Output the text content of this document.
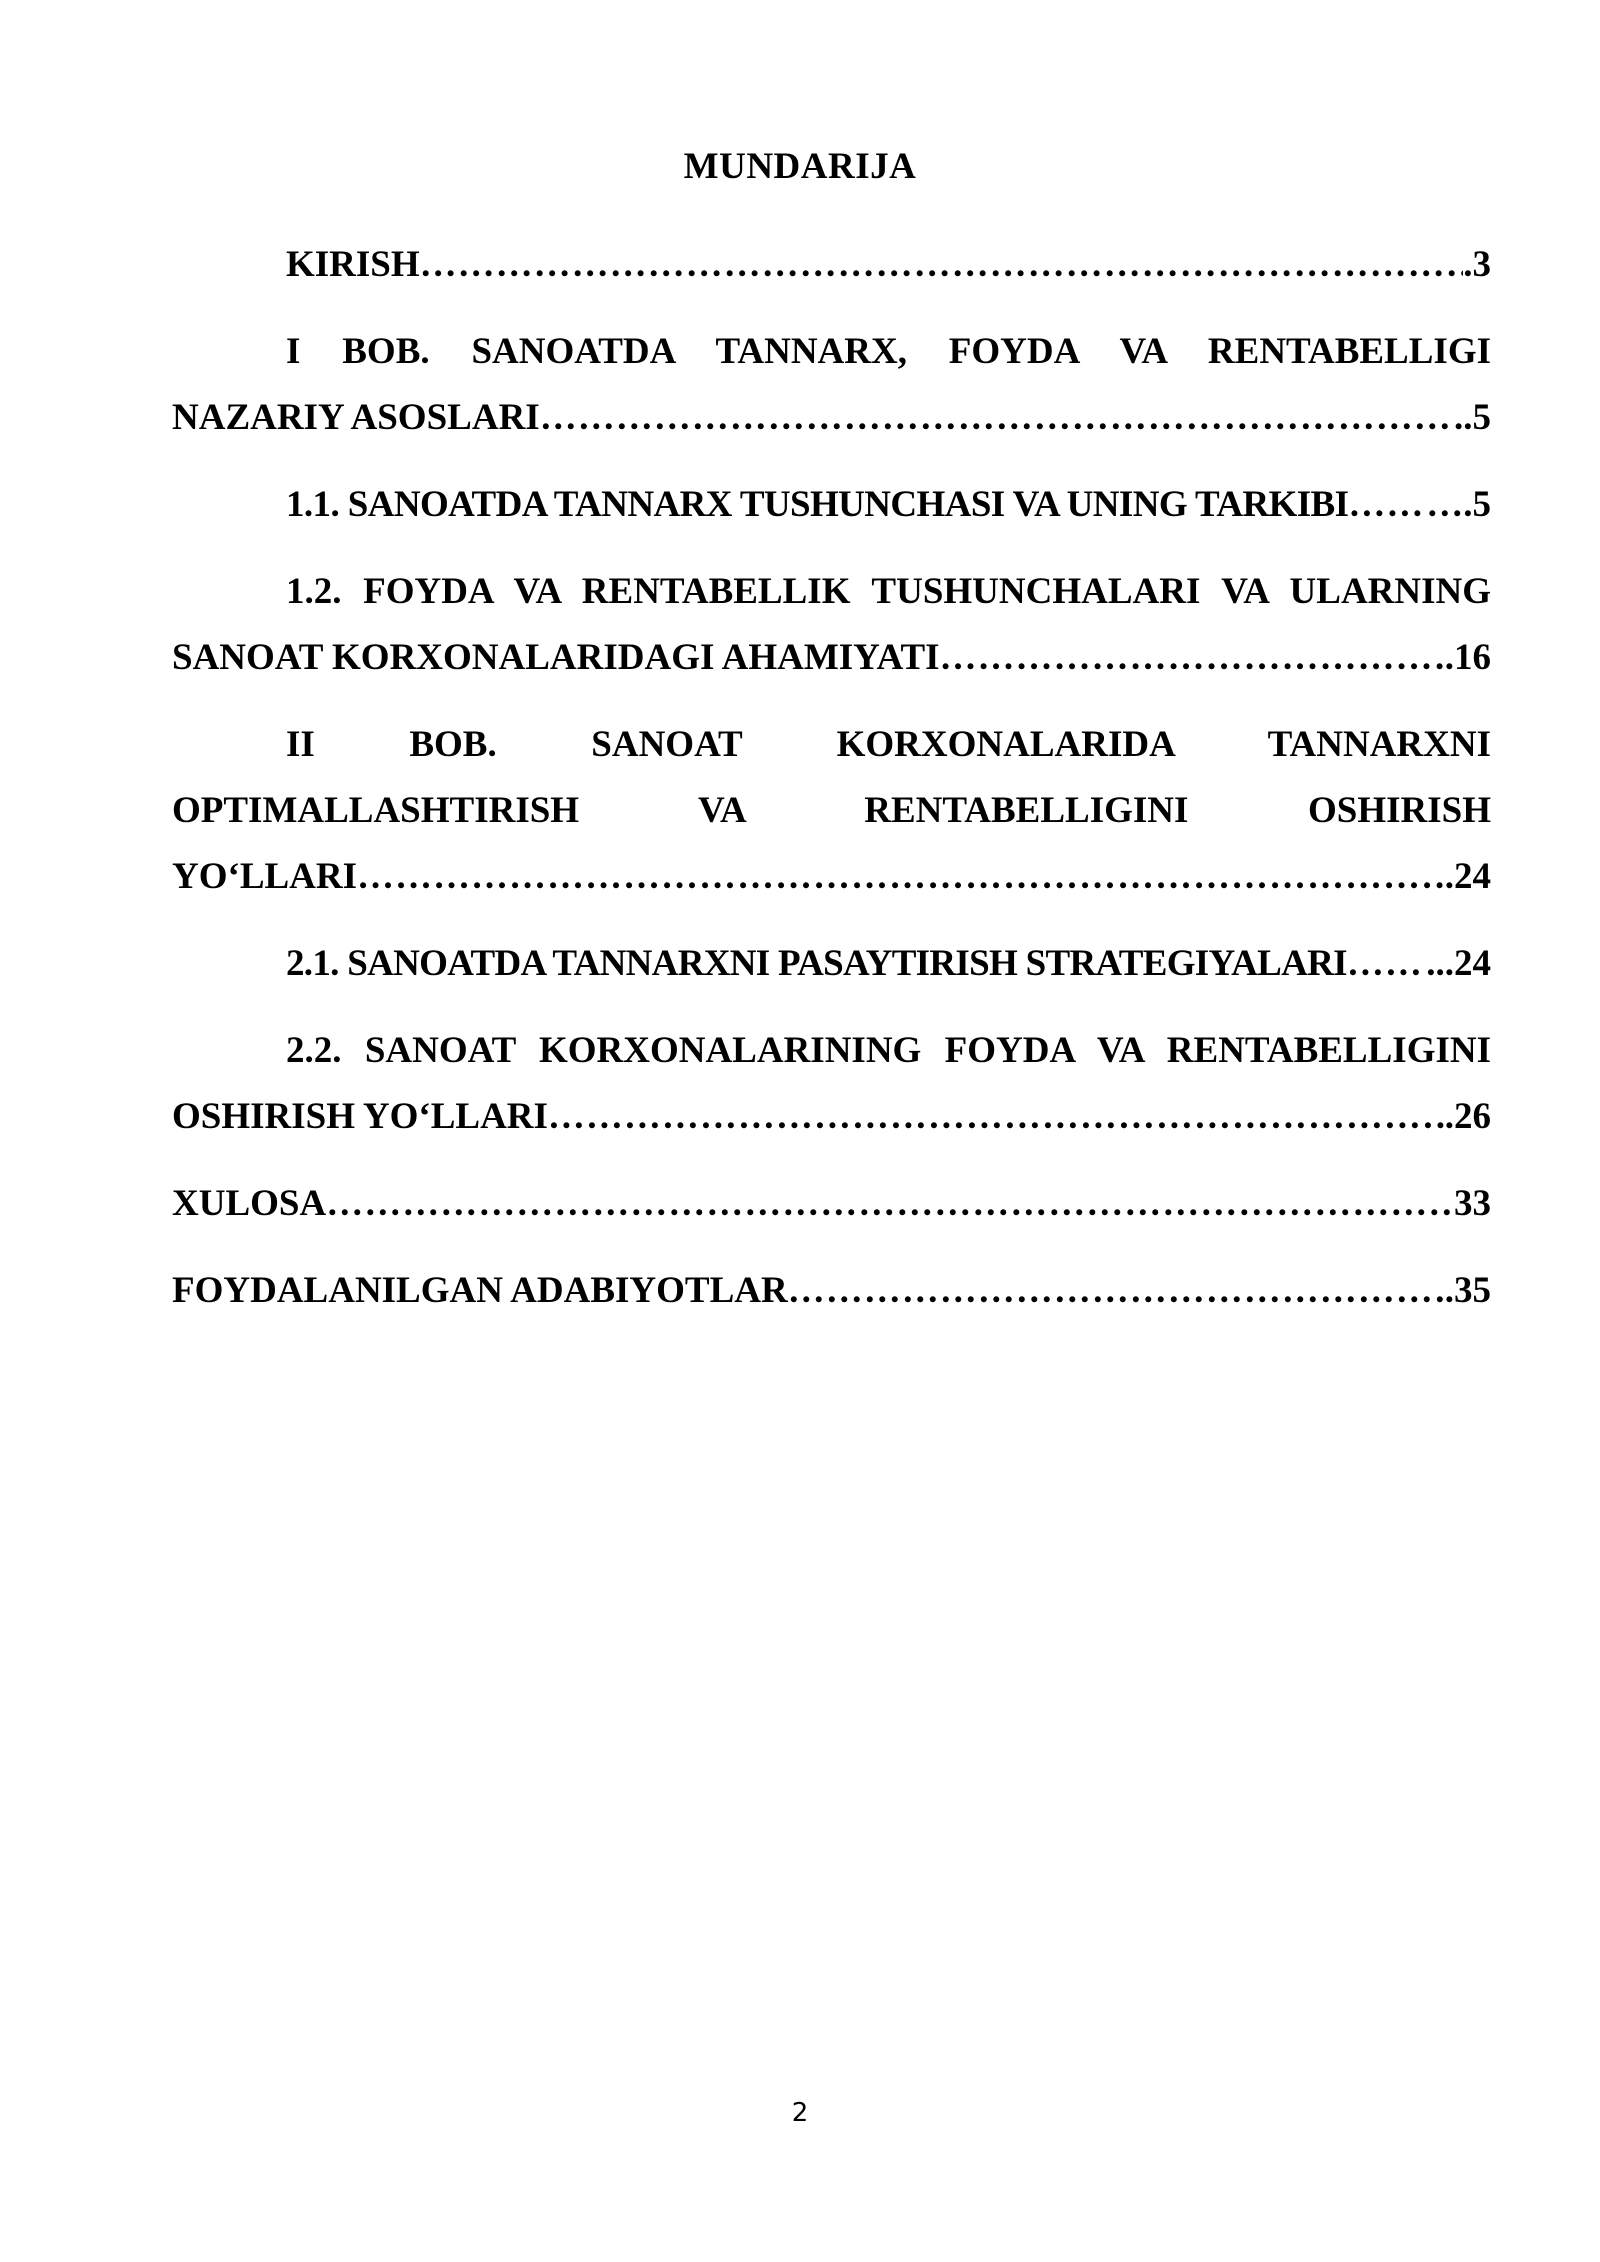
MUNDARIJA
KIRISH ……………………………………………………………………………………………………………………………………………………………………………………………………………………	.3
I BOB. SANOATDA TANNARX, FOYDA VA RENTABELLIGI
NAZARIY ASOSLARI ……………………………………………………………………………………………………………………………………………………………………………………………………………………	..5
1.1. SANOATDA TANNARX TUSHUNCHASI VA UNING TARKIBI …………………………………………………………………………………………………………………………………………………………………………………………………………………… ….5
1.2. FOYDA VA RENTABELLIK TUSHUNCHALARI VA ULARNING
SANOAT KORXONALARIDAGI AHAMIYATI ……………………………………………………………………………………………………………………………………………………………………………………………………………………	.16
II BOB. SANOAT KORXONALARIDA TANNARXNI
OPTIMALLASHTIRISH VA RENTABELLIGINI OSHIRISH
YO‘LLARI ……………………………………………………………………………………………………………………………………………………………………………………………………………………	.24
2.1. SANOATDA TANNARXNI PASAYTIRISH STRATEGIYALARI …………………………………………………………………………………………………………………………………………………………………………………………………………………… ...24
2.2. SANOAT KORXONALARINING FOYDA VA RENTABELLIGINI
OSHIRISH YO‘LLARI ……………………………………………………………………………………………………………………………………………………………………………………………………………………	.26
XULOSA ……………………………………………………………………………………………………………………………………………………………………………………………………………………	33
FOYDALANILGAN ADABIYOTLAR ……………………………………………………………………………………………………………………………………………………………………………………………………………………	.35
2
